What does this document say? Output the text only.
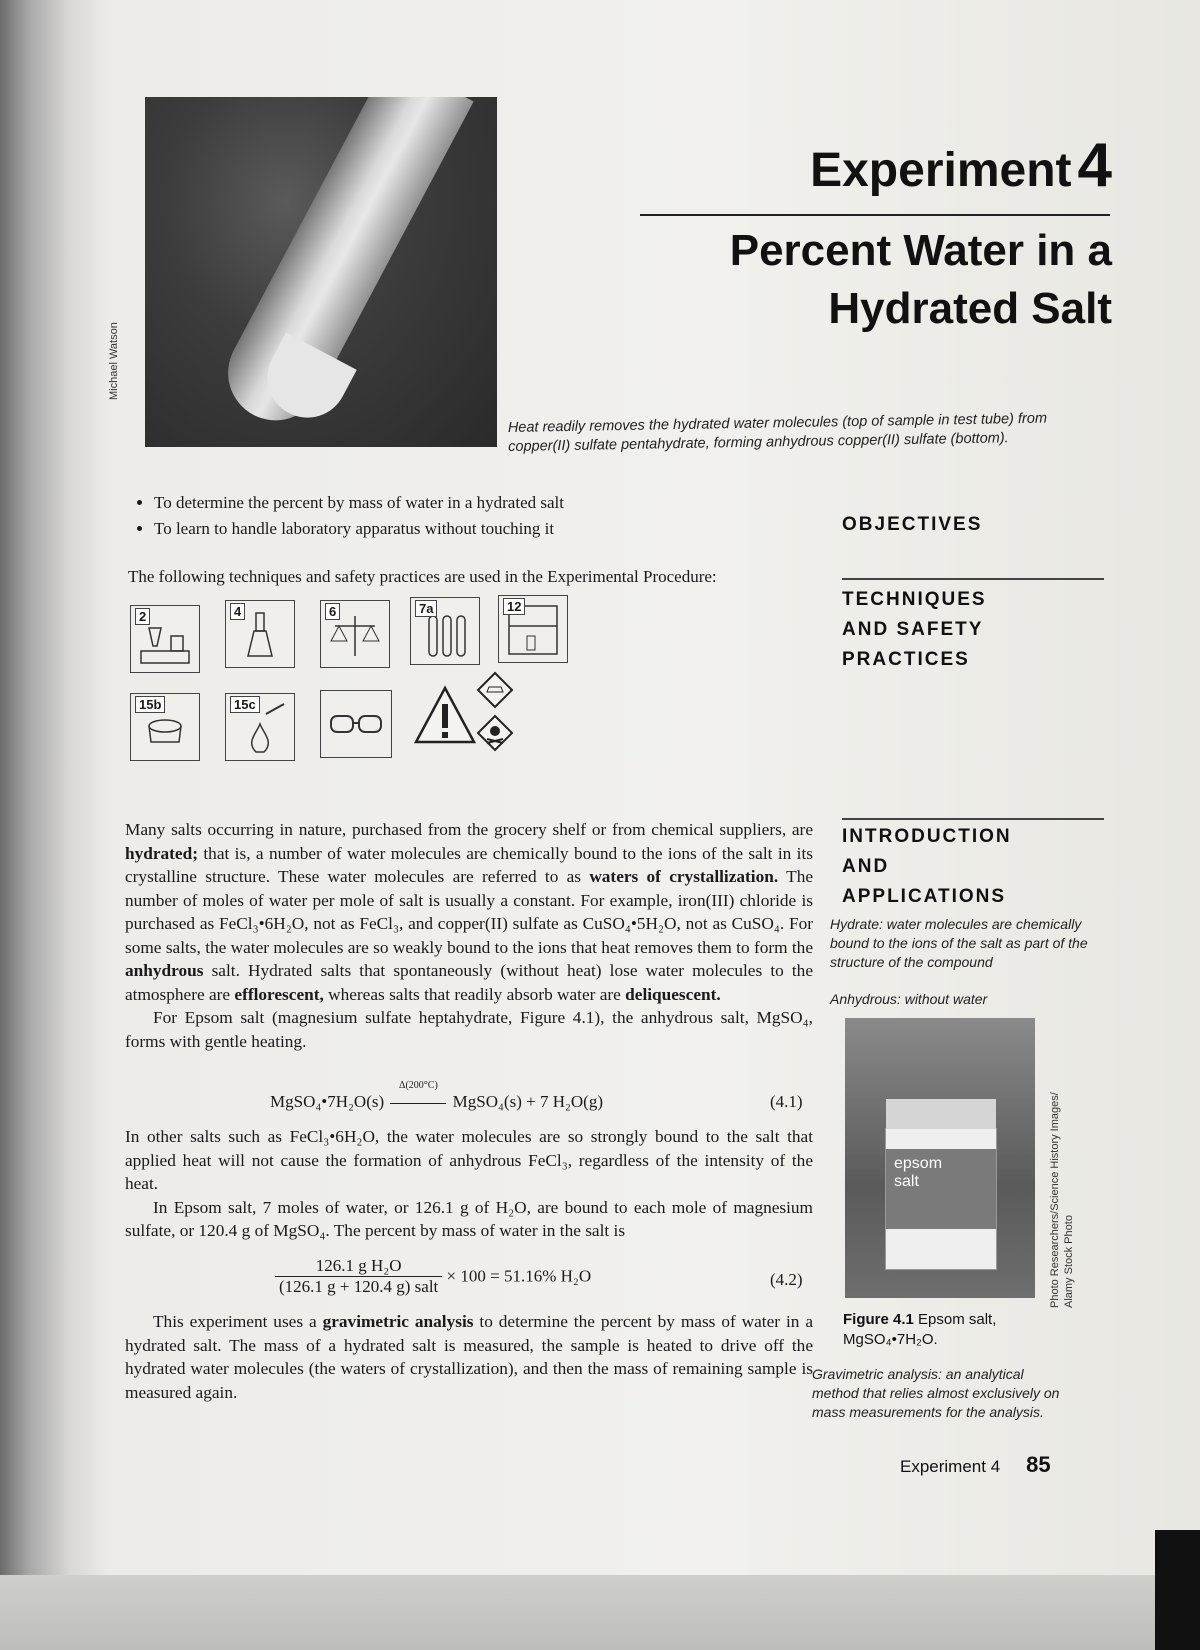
Michael Watson
Experiment4
Percent Water in a Hydrated Salt
Heat readily removes the hydrated water molecules (top of sample in test tube) from copper(II) sulfate pentahydrate, forming anhydrous copper(II) sulfate (bottom).
• To determine the percent by mass of water in a hydrated salt
• To learn to handle laboratory apparatus without touching it	OBJECTIVES
The following techniques and safety practices are used in the Experimental Procedure:
TECHNIQUES
AND SAFETY
PRACTICES
2	4	6	7a	12
15b	15c
INTRODUCTION
AND
APPLICATIONS
Hydrate: water molecules are chemically bound to the ions of the salt as part of the structure of the compound
Anhydrous: without water

Many salts occurring in nature, purchased from the grocery shelf or from chemical suppliers, are hydrated; that is, a number of water molecules are chemically bound to the ions of the salt in its crystalline structure. These water molecules are referred to as waters of crystallization. The number of moles of water per mole of salt is usually a constant. For example, iron(III) chloride is purchased as FeCl₃•6H₂O, not as FeCl₃, and copper(II) sulfate as CuSO₄•5H₂O, not as CuSO₄. For some salts, the water molecules are so weakly bound to the ions that heat removes them to form the anhydrous salt. Hydrated salts that spontaneously (without heat) lose water molecules to the atmosphere are efflorescent, whereas salts that readily absorb water are deliquescent.

For Epsom salt (magnesium sulfate heptahydrate, Figure 4.1), the anhydrous salt, MgSO₄, forms with gentle heating.

MgSO₄•7H₂O(s)
Δ(200°C)
MgSO₄(s) + 7 H₂O(g)	(4.1)

In other salts such as FeCl₃•6H₂O, the water molecules are so strongly bound to the salt that applied heat will not cause the formation of anhydrous FeCl₃, regardless of the intensity of the heat.

In Epsom salt, 7 moles of water, or 126.1 g of H₂O, are bound to each mole of magnesium sulfate, or 120.4 g of MgSO₄. The percent by mass of water in the salt is

126.1 g H₂O
(126.1 g + 120.4 g) salt
× 100 = 51.16% H₂O	(4.2)

This experiment uses a gravimetric analysis to determine the percent by mass of water in a hydrated salt. The mass of a hydrated salt is measured, the sample is heated to drive off the hydrated water molecules (the waters of crystallization), and then the mass of remaining sample is measured again.

epsom
salt	Photo Researchers/Science History Images/ Alamy Stock Photo
Figure 4.1 Epsom salt,
MgSO₄•7H₂O.
Gravimetric analysis: an analytical method that relies almost exclusively on mass measurements for the analysis.
Experiment 4 85
